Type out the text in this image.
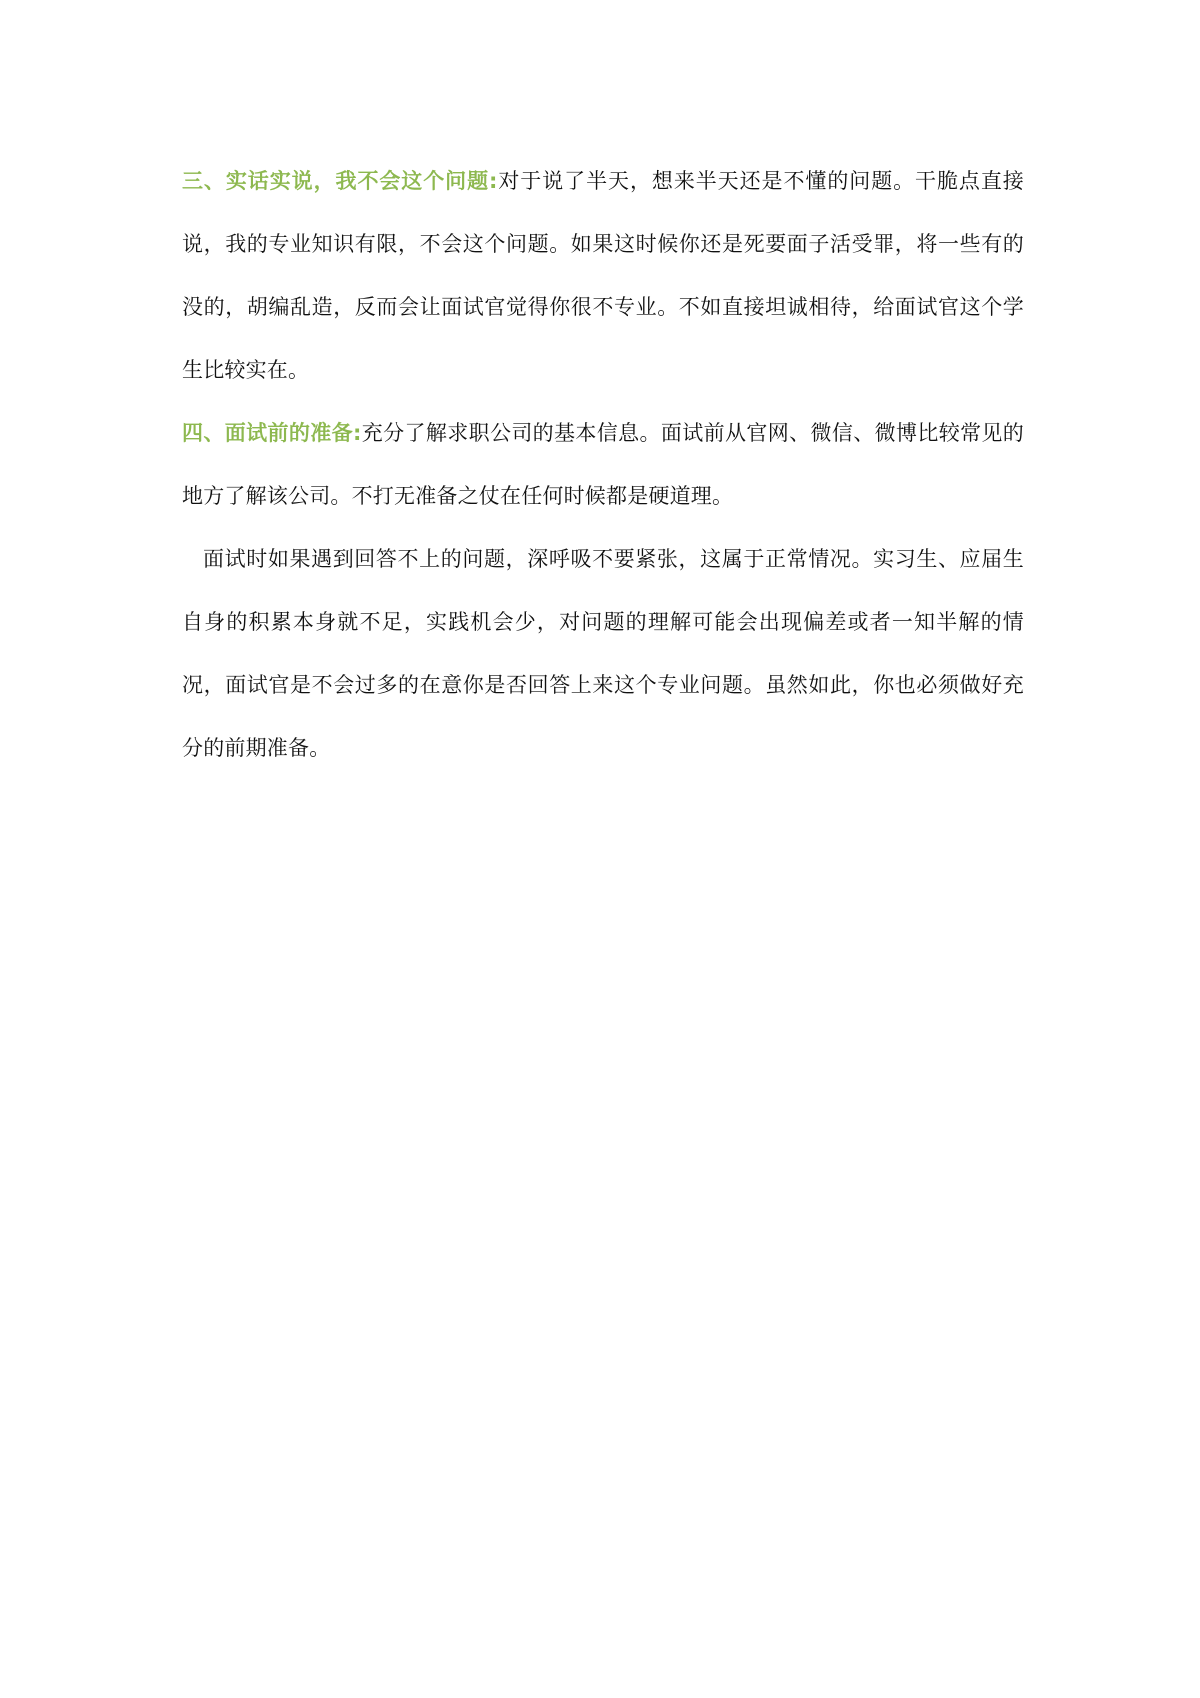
三、实话实说，我不会这个问题:对于说了半天，想来半天还是不懂的问题。干脆点直接说，我的专业知识有限，不会这个问题。如果这时候你还是死要面子活受罪，将一些有的没的，胡编乱造，反而会让面试官觉得你很不专业。不如直接坦诚相待，给面试官这个学生比较实在。

四、面试前的准备:充分了解求职公司的基本信息。面试前从官网、微信、微博比较常见的地方了解该公司。不打无准备之仗在任何时候都是硬道理。

面试时如果遇到回答不上的问题，深呼吸不要紧张，这属于正常情况。实习生、应届生自身的积累本身就不足，实践机会少，对问题的理解可能会出现偏差或者一知半解的情况，面试官是不会过多的在意你是否回答上来这个专业问题。虽然如此，你也必须做好充分的前期准备。
